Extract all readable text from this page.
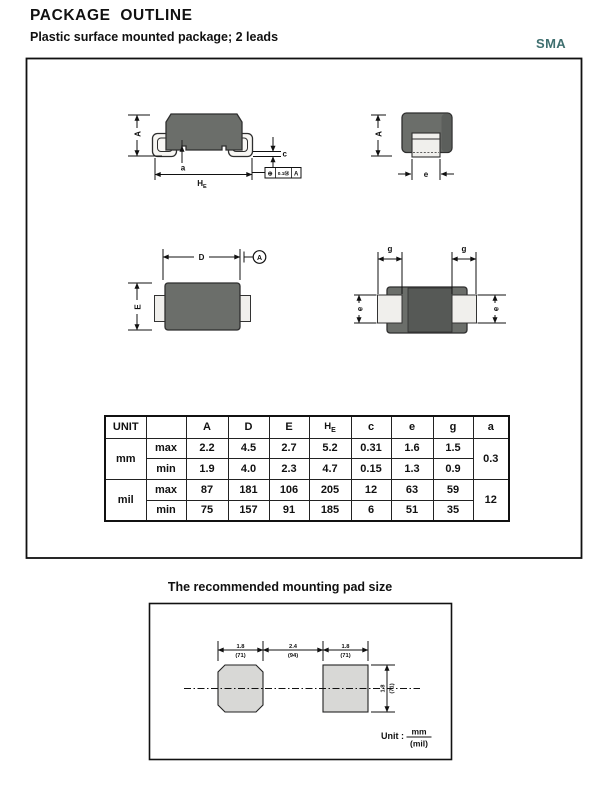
PACKAGE  OUTLINE
Plastic surface mounted package; 2 leads	SMA
The recommended mounting pad size
A
a
$H_E$
c
⊕ 0.1Ⓜ A
A
e
D	A
E
g	g
e	e
1.8
(71)
2.4
(94)
1.8
(71)
1.8 (71)
Unit : mm
(mil)
UNIT		A	D	E	$H_E$	c	e	g	a
mm	max	2.2	4.5	2.7	5.2	0.31	1.6	1.5	0.3
	min	1.9	4.0	2.3	4.7	0.15	1.3	0.9	
mil	max	87	181	106	205	12	63	59	12
	min	75	157	91	185	6	51	35	
